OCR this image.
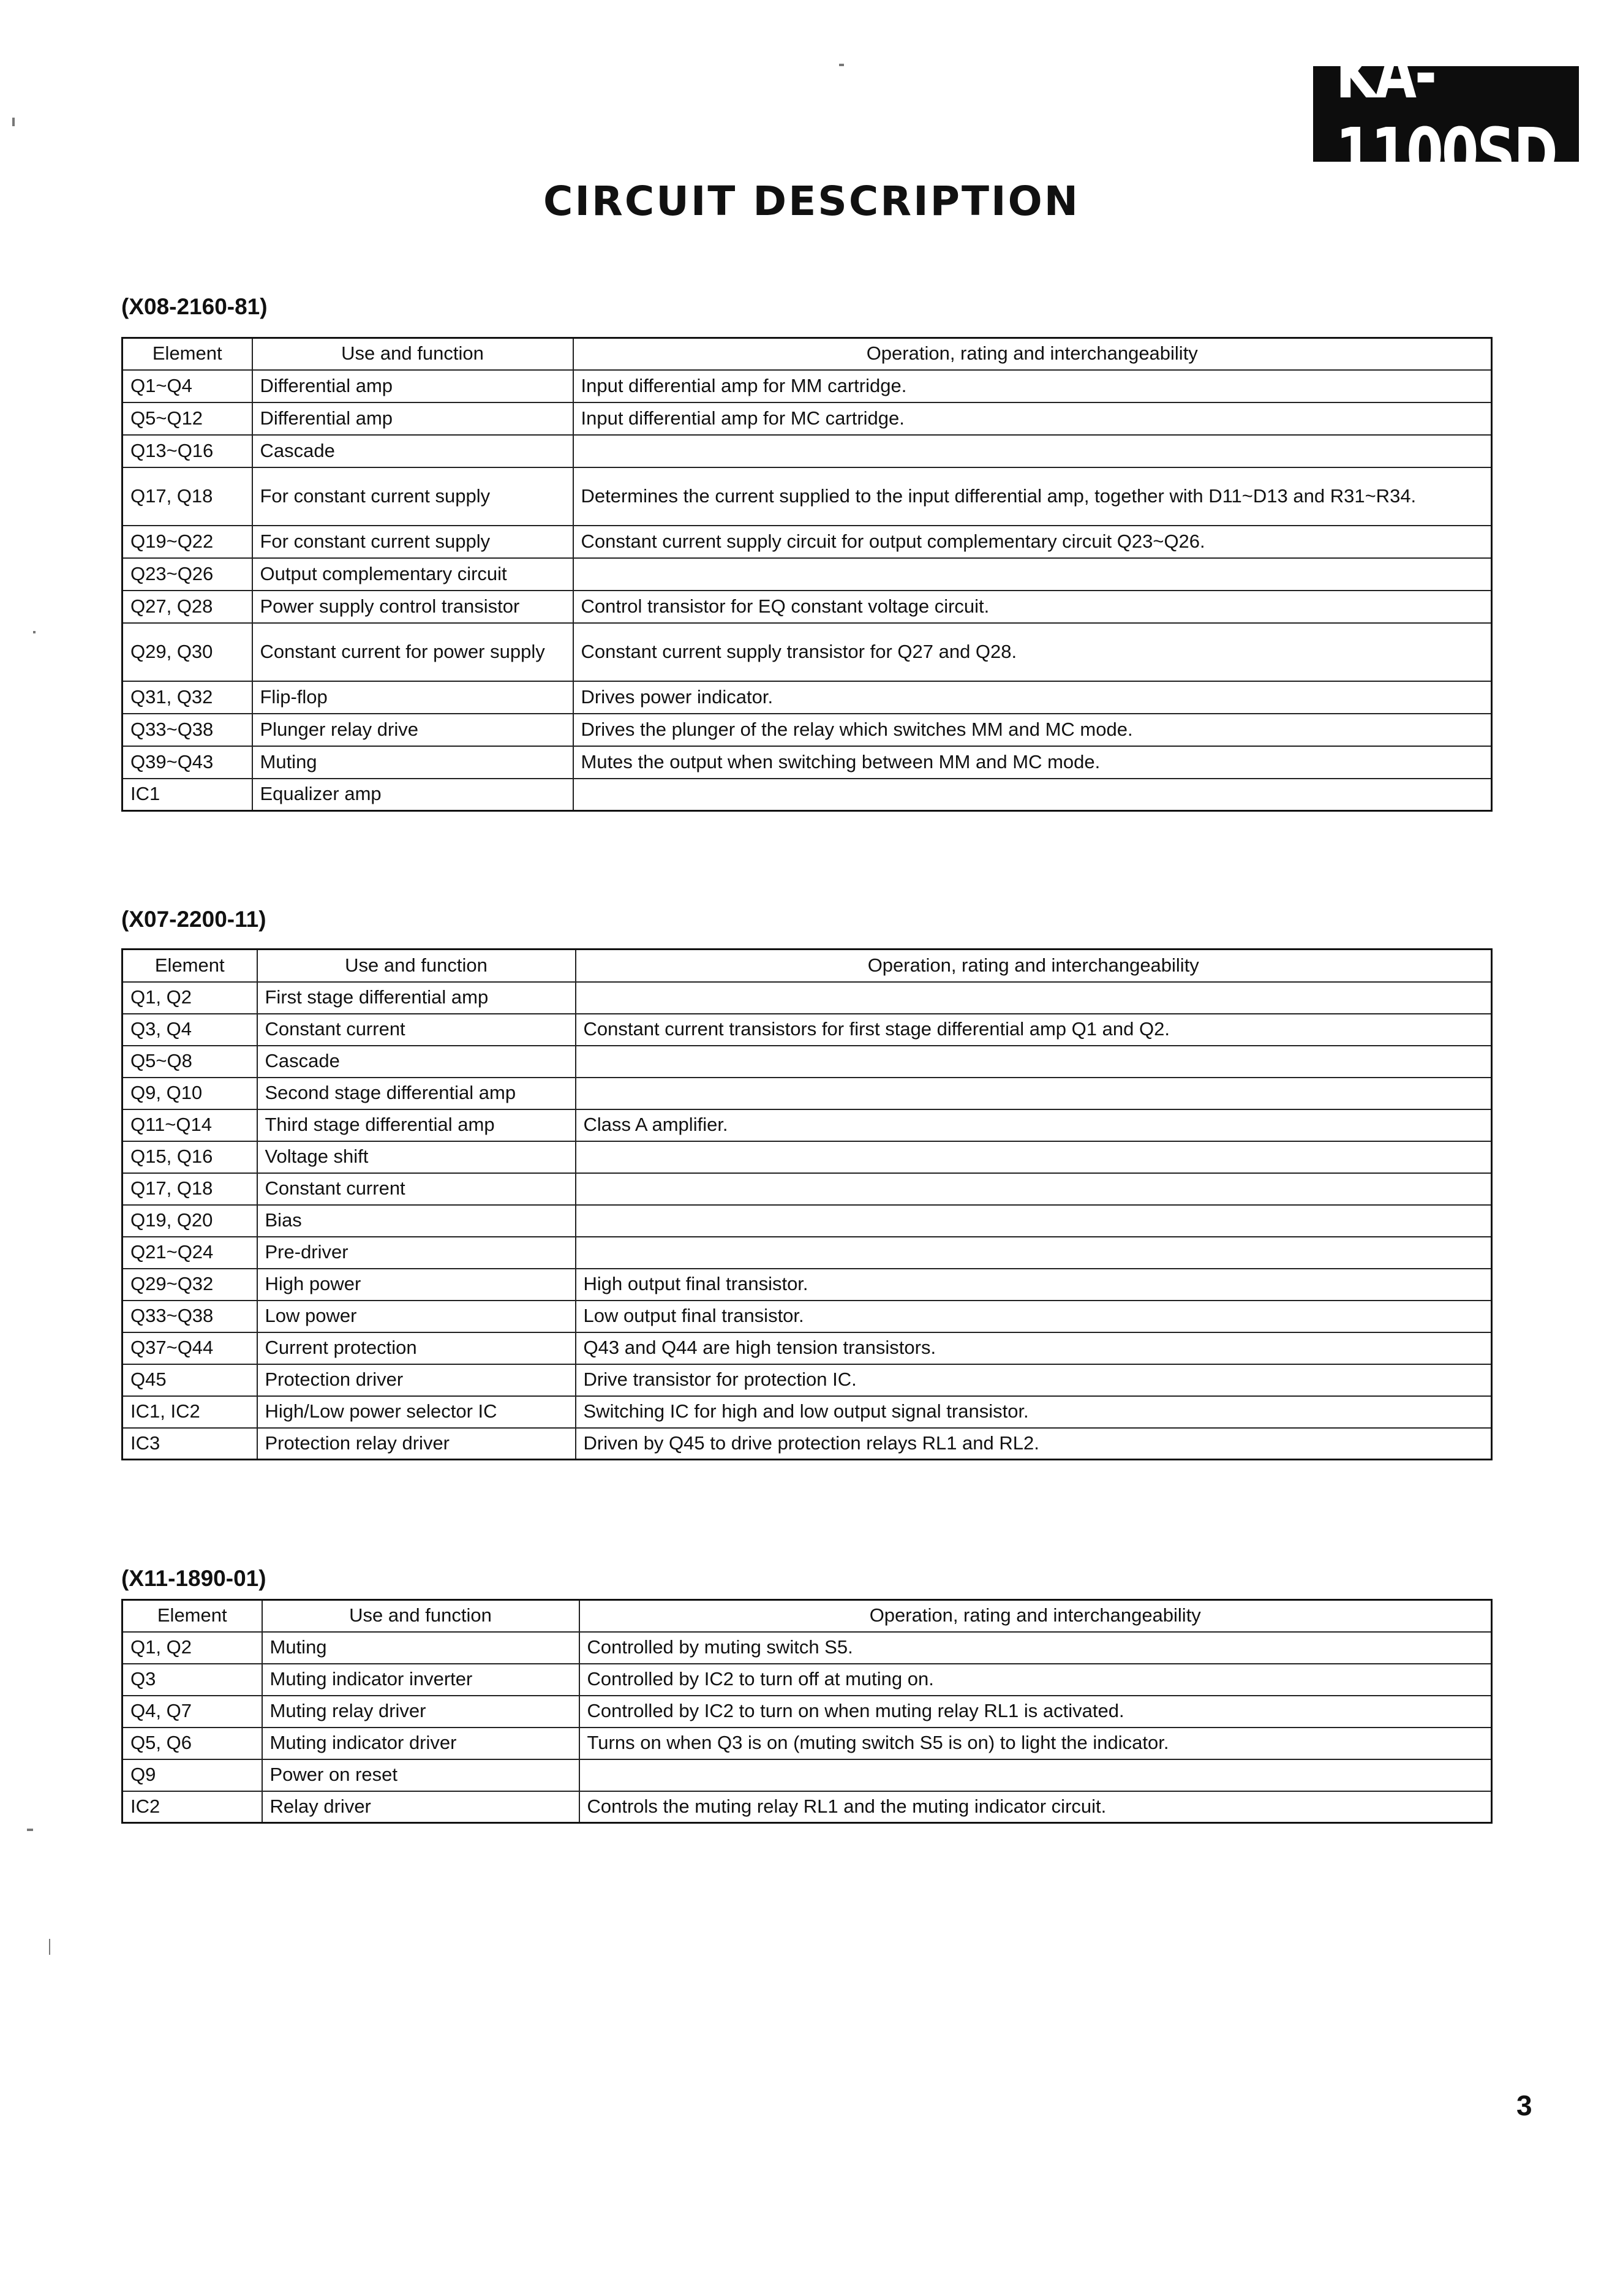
KA-1100SD
CIRCUIT DESCRIPTION
(X08-2160-81)
Element	Use and function	Operation, rating and interchangeability
Q1~Q4	Differential amp	Input differential amp for MM cartridge.
Q5~Q12	Differential amp	Input differential amp for MC cartridge.
Q13~Q16	Cascade	
Q17, Q18	For constant current supply	Determines the current supplied to the input differential amp, together with D11~D13 and R31~R34.
Q19~Q22	For constant current supply	Constant current supply circuit for output complementary circuit Q23~Q26.
Q23~Q26	Output complementary circuit	
Q27, Q28	Power supply control transistor	Control transistor for EQ constant voltage circuit.
Q29, Q30	Constant current for power supply	Constant current supply transistor for Q27 and Q28.
Q31, Q32	Flip-flop	Drives power indicator.
Q33~Q38	Plunger relay drive	Drives the plunger of the relay which switches MM and MC mode.
Q39~Q43	Muting	Mutes the output when switching between MM and MC mode.
IC1	Equalizer amp	
(X07-2200-11)
Element	Use and function	Operation, rating and interchangeability
Q1, Q2	First stage differential amp	
Q3, Q4	Constant current	Constant current transistors for first stage differential amp Q1 and Q2.
Q5~Q8	Cascade	
Q9, Q10	Second stage differential amp	
Q11~Q14	Third stage differential amp	Class A amplifier.
Q15, Q16	Voltage shift	
Q17, Q18	Constant current	
Q19, Q20	Bias	
Q21~Q24	Pre-driver	
Q29~Q32	High power	High output final transistor.
Q33~Q38	Low power	Low output final transistor.
Q37~Q44	Current protection	Q43 and Q44 are high tension transistors.
Q45	Protection driver	Drive transistor for protection IC.
IC1, IC2	High/Low power selector IC	Switching IC for high and low output signal transistor.
IC3	Protection relay driver	Driven by Q45 to drive protection relays RL1 and RL2.
(X11-1890-01)
Element	Use and function	Operation, rating and interchangeability
Q1, Q2	Muting	Controlled by muting switch S5.
Q3	Muting indicator inverter	Controlled by IC2 to turn off at muting on.
Q4, Q7	Muting relay driver	Controlled by IC2 to turn on when muting relay RL1 is activated.
Q5, Q6	Muting indicator driver	Turns on when Q3 is on (muting switch S5 is on) to light the indicator.
Q9	Power on reset	
IC2	Relay driver	Controls the muting relay RL1 and the muting indicator circuit.
3
